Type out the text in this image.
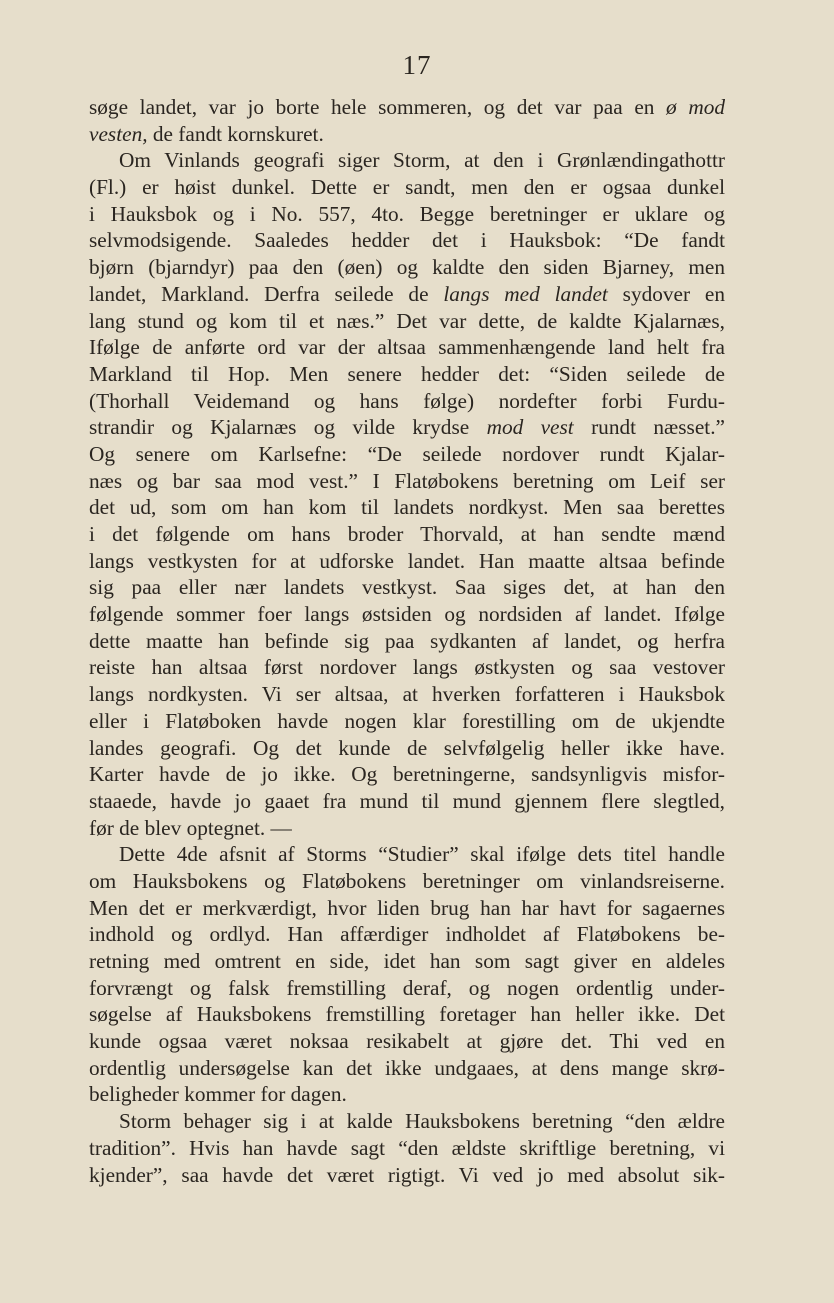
17

søge landet, var jo borte hele sommeren, og det var paa en ø mod
vesten, de fandt kornskuret.

Om Vinlands geografi siger Storm, at den i Grønlændingathottr
(Fl.) er høist dunkel. Dette er sandt, men den er ogsaa dunkel
i Hauksbok og i No. 557, 4to. Begge beretninger er uklare og
selvmodsigende. Saaledes hedder det i Hauksbok: “De fandt
bjørn (bjarndyr) paa den (øen) og kaldte den siden Bjarney, men
landet, Markland. Derfra seilede de langs med landet sydover en
lang stund og kom til et næs.” Det var dette, de kaldte Kjalarnæs,
Ifølge de anførte ord var der altsaa sammenhængende land helt fra
Markland til Hop. Men senere hedder det: “Siden seilede de
(Thorhall Veidemand og hans følge) nordefter forbi Furdu-
strandir og Kjalarnæs og vilde krydse mod vest rundt næsset.”
Og senere om Karlsefne: “De seilede nordover rundt Kjalar-
næs og bar saa mod vest.” I Flatøbokens beretning om Leif ser
det ud, som om han kom til landets nordkyst. Men saa berettes
i det følgende om hans broder Thorvald, at han sendte mænd
langs vestkysten for at udforske landet. Han maatte altsaa befinde
sig paa eller nær landets vestkyst. Saa siges det, at han den
følgende sommer foer langs østsiden og nordsiden af landet. Ifølge
dette maatte han befinde sig paa sydkanten af landet, og herfra
reiste han altsaa først nordover langs østkysten og saa vestover
langs nordkysten. Vi ser altsaa, at hverken forfatteren i Hauksbok
eller i Flatøboken havde nogen klar forestilling om de ukjendte
landes geografi. Og det kunde de selvfølgelig heller ikke have.
Karter havde de jo ikke. Og beretningerne, sandsynligvis misfor-
staaede, havde jo gaaet fra mund til mund gjennem flere slegtled,
før de blev optegnet. —

Dette 4de afsnit af Storms “Studier” skal ifølge dets titel handle
om Hauksbokens og Flatøbokens beretninger om vinlandsreiserne.
Men det er merkværdigt, hvor liden brug han har havt for sagaernes
indhold og ordlyd. Han affærdiger indholdet af Flatøbokens be-
retning med omtrent en side, idet han som sagt giver en aldeles
forvrængt og falsk fremstilling deraf, og nogen ordentlig under-
søgelse af Hauksbokens fremstilling foretager han heller ikke. Det
kunde ogsaa været noksaa resikabelt at gjøre det. Thi ved en
ordentlig undersøgelse kan det ikke undgaaes, at dens mange skrø-
beligheder kommer for dagen.

Storm behager sig i at kalde Hauksbokens beretning “den ældre
tradition”. Hvis han havde sagt “den ældste skriftlige beretning, vi
kjender”, saa havde det været rigtigt. Vi ved jo med absolut sik-
